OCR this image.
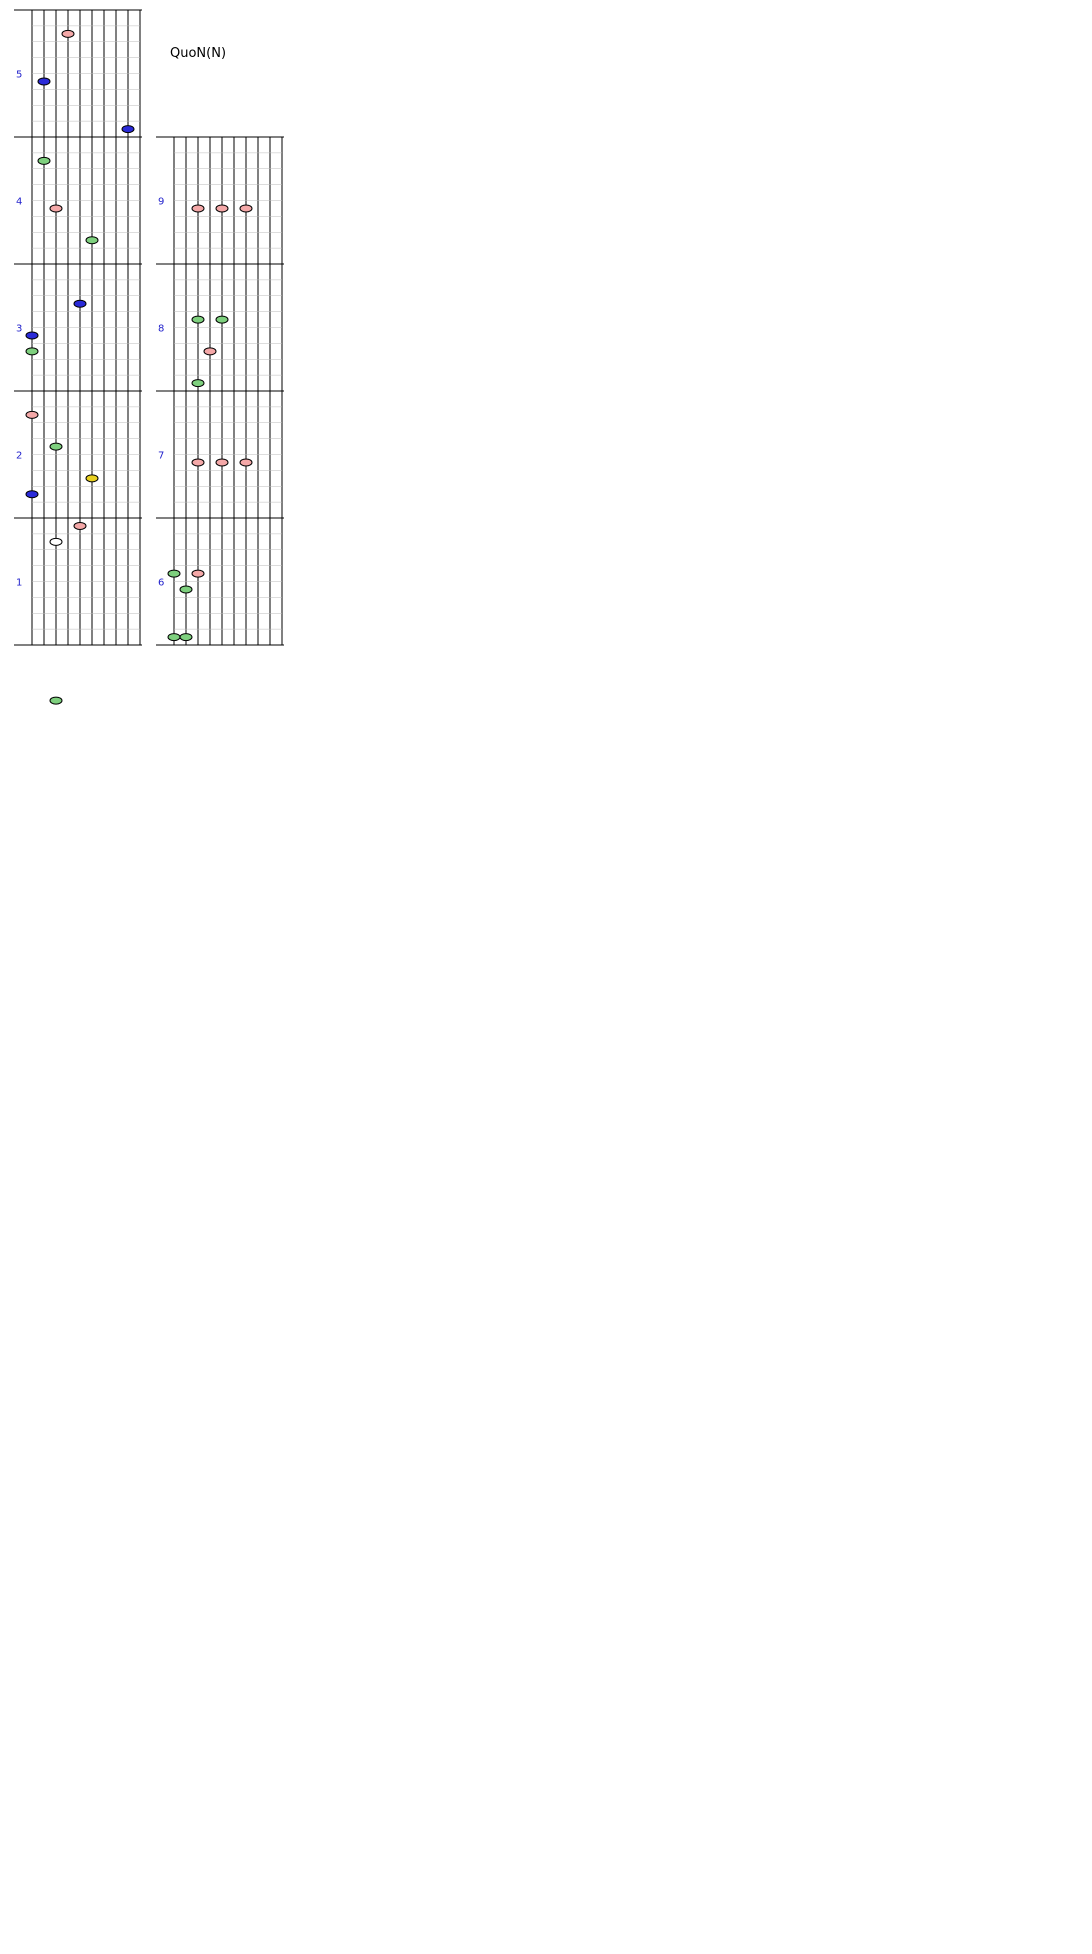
1
2
3
4
5
6
7
8
9
QuoN(N)
